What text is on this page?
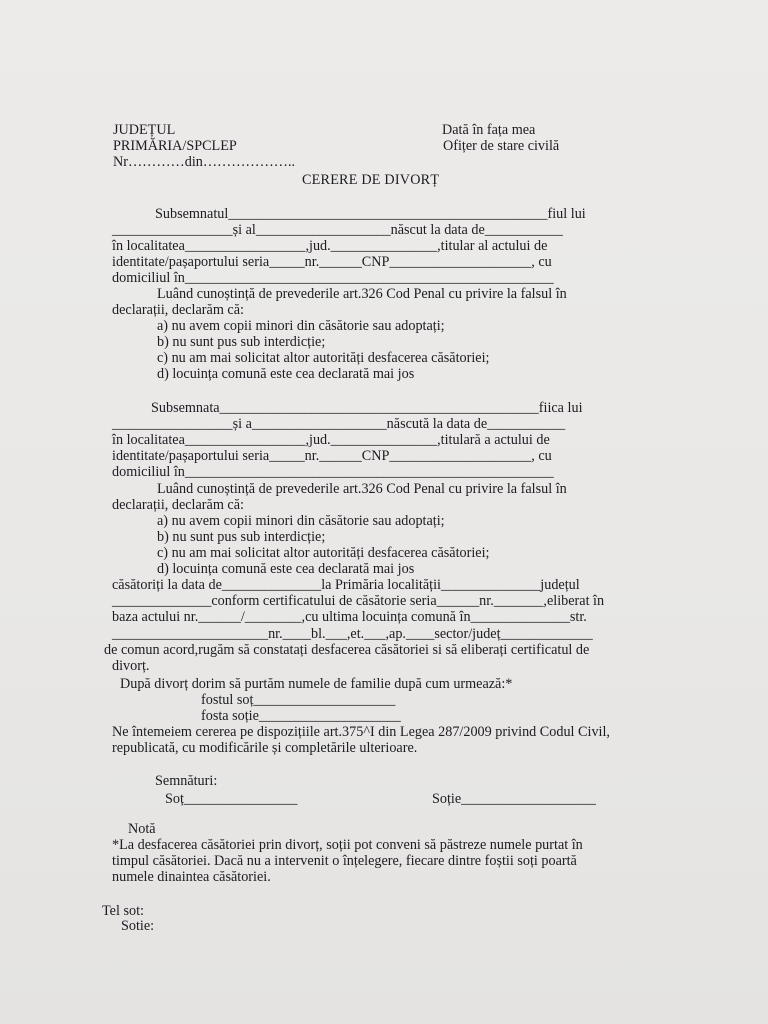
JUDEȚUL
PRIMĂRIA/SPCLEP
Nr…………din………………..
Dată în fața mea
Ofițer de stare civilă
CERERE DE DIVORȚ
Subsemnatul_____________________________________________fiul lui
_________________și al___________________născut la data de___________
în localitatea_________________,jud._______________,titular al actului de
identitate/pașaportului seria_____nr.______CNP____________________, cu
domiciliul în____________________________________________________
Luând cunoștință de prevederile art.326 Cod Penal cu privire la falsul în
declarații, declarăm că:
a) nu avem copii minori din căsătorie sau adoptați;
b) nu sunt pus sub interdicție;
c) nu am mai solicitat altor autorități desfacerea căsătoriei;
d) locuința comună este cea declarată mai jos
Subsemnata_____________________________________________fiica lui
_________________și a___________________născută la data de___________
în localitatea_________________,jud._______________,titulară a actului de
identitate/pașaportului seria_____nr.______CNP____________________, cu
domiciliul în____________________________________________________
Luând cunoștință de prevederile art.326 Cod Penal cu privire la falsul în
declarații, declarăm că:
a) nu avem copii minori din căsătorie sau adoptați;
b) nu sunt pus sub interdicție;
c) nu am mai solicitat altor autorități desfacerea căsătoriei;
d) locuința comună este cea declarată mai jos
căsătoriți la data de______________la Primăria localității______________județul
______________conform certificatului de căsătorie seria______nr._______,eliberat în
baza actului nr.______/________,cu ultima locuința comună în______________str.
______________________nr.____bl.___,et.___,ap.____sector/județ_____________
de comun acord,rugăm să constatați desfacerea căsătoriei si să eliberați certificatul de
divorț.
După divorț dorim să purtăm numele de familie după cum urmează:*
fostul soț____________________
fosta soție____________________
Ne întemeiem cererea pe dispozițiile art.375^I din Legea 287/2009 privind Codul Civil,
republicată, cu modificările și completările ulterioare.
Semnături:
Soț________________	Soție___________________
Notă
*La desfacerea căsătoriei prin divorț, soții pot conveni să păstreze numele purtat în
timpul căsătoriei. Dacă nu a intervenit o înțelegere, fiecare dintre foștii soți poartă
numele dinaintea căsătoriei.
Tel sot:
Sotie:
